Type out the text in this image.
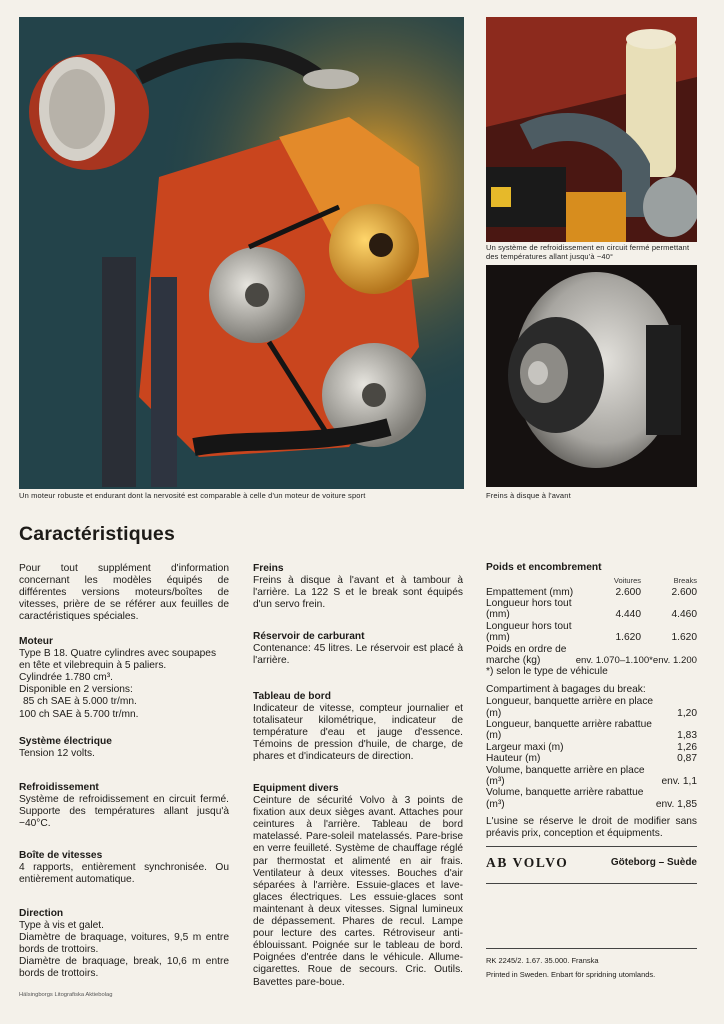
Un moteur robuste et endurant dont la nervosité est comparable à celle d'un moteur de voiture sport
Un système de refroidissement en circuit fermé permettant des températures allant jusqu'à −40°
Freins à disque à l'avant
Caractéristiques

Pour tout supplément d'information concernant les modèles équipés de différentes versions moteurs/boîtes de vitesses, prière de se référer aux feuilles de caractéristiques spéciales.

Moteur

Type B 18. Quatre cylindres avec soupapes en tête et vilebrequin à 5 paliers.

Cylindrée 1.780 cm³.

Disponible en 2 versions:

85 ch SAE à 5.000 tr/mn.

100 ch SAE à 5.700 tr/mn.

Système électrique

Tension 12 volts.

Refroidissement

Système de refroidissement en circuit fermé. Supporte des températures allant jusqu'à −40°C.

Boîte de vitesses

4 rapports, entièrement synchronisée. Ou entièrement automatique.

Direction

Type à vis et galet.

Diamètre de braquage, voitures, 9,5 m entre bords de trottoirs.

Diamètre de braquage, break, 10,6 m entre bords de trottoirs.

Freins

Freins à disque à l'avant et à tambour à l'arrière. La 122 S et le break sont équipés d'un servo frein.

Réservoir de carburant

Contenance: 45 litres. Le réservoir est placé à l'arrière.

Tableau de bord

Indicateur de vitesse, compteur journalier et totalisateur kilométrique, indicateur de température d'eau et jauge d'essence. Témoins de pression d'huile, de charge, de phares et d'indicateurs de direction.

Equipment divers

Ceinture de sécurité Volvo à 3 points de fixation aux deux sièges avant. Attaches pour ceintures à l'arrière. Tableau de bord matelassé. Pare-soleil matelassés. Pare-brise en verre feuilleté. Système de chauffage réglé par thermostat et alimenté en air frais. Ventilateur à deux vitesses. Bouches d'air séparées à l'arrière. Essuie-glaces et lave-glaces électriques. Les essuie-glaces sont maintenant à deux vitesses. Signal lumineux de dépassement. Phares de recul. Lampe pour lecture des cartes. Rétroviseur anti-éblouissant. Poignée sur le tableau de bord. Poignées d'entrée dans le véhicule. Allume-cigarettes. Roue de secours. Cric. Outils. Bavettes pare-boue.

Poids et encombrement

	Voitures	Breaks
Empattement (mm)	2.600	2.600
Longueur hors tout (mm)	4.440	4.460
Longueur hors tout (mm)	1.620	1.620
Poids en ordre de marche (kg)	env. 1.070–1.100*	env. 1.200

*) selon le type de véhicule

Compartiment à bagages du break:

Longueur, banquette arrière en place (m)	1,20
Longueur, banquette arrière rabattue (m)	1,83
Largeur maxi (m)	1,26
Hauteur (m)	0,87
Volume, banquette arrière en place (m³)	env. 1,1
Volume, banquette arrière rabattue (m³)	env. 1,85

L'usine se réserve le droit de modifier sans préavis prix, conception et équipments.

AB VOLVO	Göteborg – Suède
RK 2245/2. 1.67. 35.000. Franska
Printed in Sweden. Enbart för spridning utomlands.
Hälsingborgs Litografiska Aktiebolag
